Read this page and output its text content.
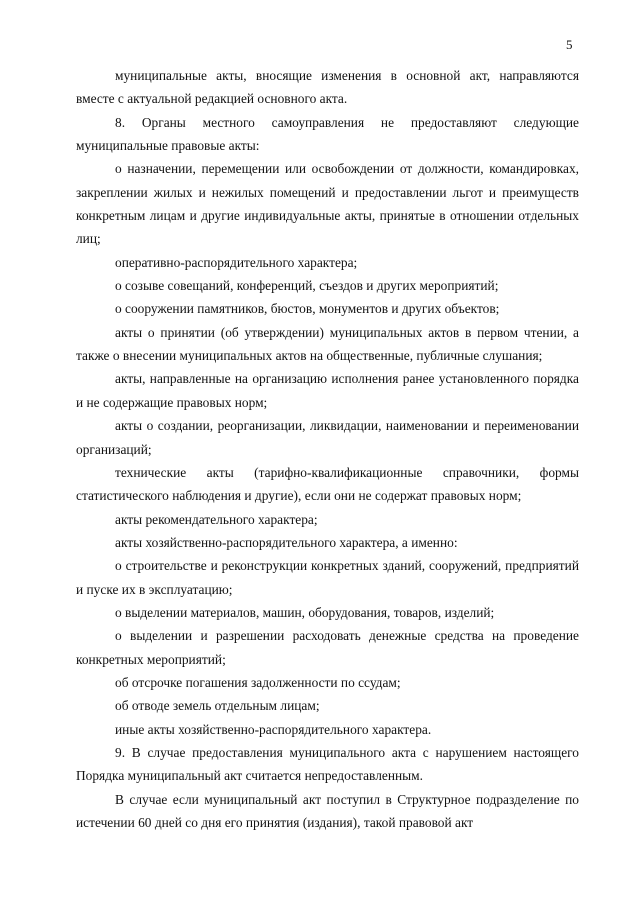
5

муниципальные акты, вносящие изменения в основной акт, направляются вместе с актуальной редакцией основного акта.

8. Органы местного самоуправления не предоставляют следующие муниципальные правовые акты:

о назначении, перемещении или освобождении от должности, командировках, закреплении жилых и нежилых помещений и предоставлении льгот и преимуществ конкретным лицам и другие индивидуальные акты, принятые в отношении отдельных лиц;

оперативно-распорядительного характера;

о созыве совещаний, конференций, съездов и других мероприятий;

о сооружении памятников, бюстов, монументов и других объектов;

акты о принятии (об утверждении) муниципальных актов в первом чтении, а также о внесении муниципальных актов на общественные, публичные слушания;

акты, направленные на организацию исполнения ранее установленного порядка и не содержащие правовых норм;

акты о создании, реорганизации, ликвидации, наименовании и переименовании организаций;

технические акты (тарифно-квалификационные справочники, формы статистического наблюдения и другие), если они не содержат правовых норм;

акты рекомендательного характера;

акты хозяйственно-распорядительного характера, а именно:

о строительстве и реконструкции конкретных зданий, сооружений, предприятий и пуске их в эксплуатацию;

о выделении материалов, машин, оборудования, товаров, изделий;

о выделении и разрешении расходовать денежные средства на проведение конкретных мероприятий;

об отсрочке погашения задолженности по ссудам;

об отводе земель отдельным лицам;

иные акты хозяйственно-распорядительного характера.

9. В случае предоставления муниципального акта с нарушением настоящего Порядка муниципальный акт считается непредоставленным.

В случае если муниципальный акт поступил в Структурное подразделение по истечении 60 дней со дня его принятия (издания), такой правовой акт
